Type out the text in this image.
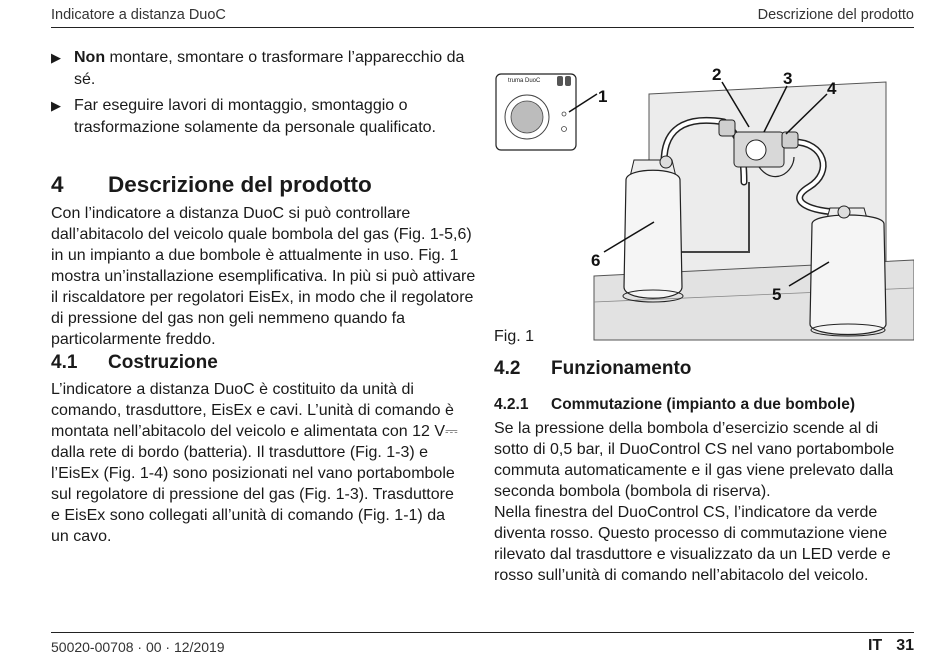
Indicatore a distanza DuoC	Descrizione del prodotto
▶ Non montare, smontare o trasformare l’apparecchio da sé.
▶ Far eseguire lavori di montaggio, smontaggio o trasformazione solamente da personale qualificato.
4 Descrizione del prodotto
Con l’indicatore a distanza DuoC si può controllare dall’abitacolo del veicolo quale bombola del gas (Fig. 1-5,6) in un impianto a due bombole è attualmente in uso. Fig. 1 mostra un’installazione esemplificativa. In più si può attivare il riscaldatore per regolatori EisEx, in modo che il regolatore di pressione del gas non geli nemmeno quando fa particolarmente freddo.
4.1 Costruzione
L’indicatore a distanza DuoC è costituito da unità di comando, trasduttore, EisEx e cavi. L’unità di comando è montata nell’abitacolo del veicolo e alimentata con 12 V⎓ dalla rete di bordo (batteria). Il trasduttore (Fig. 1-3) e l’EisEx (Fig. 1-4) sono posizionati nel vano portabombole sul regolatore di pressione del gas (Fig. 1-3). Trasduttore e EisEx sono collegati all’unità di comando (Fig. 1-1) da un cavo.
truma DuoC
1
2	3
4
5
6
Fig. 1
4.2 Funzionamento
4.2.1 Commutazione (impianto a due bombole)
Se la pressione della bombola d’esercizio scende al di sotto di 0,5 bar, il DuoControl CS nel vano portabombole commuta automaticamente e il gas viene prelevato dalla seconda bombola (bombola di riserva).
Nella finestra del DuoControl CS, l’indicatore da verde diventa rosso. Questo processo di commutazione viene rilevato dal trasduttore e visualizzato da un LED verde e rosso sull’unità di comando nell’abitacolo del veicolo.
50020-00708 · 00 · 12/2019	IT 31
